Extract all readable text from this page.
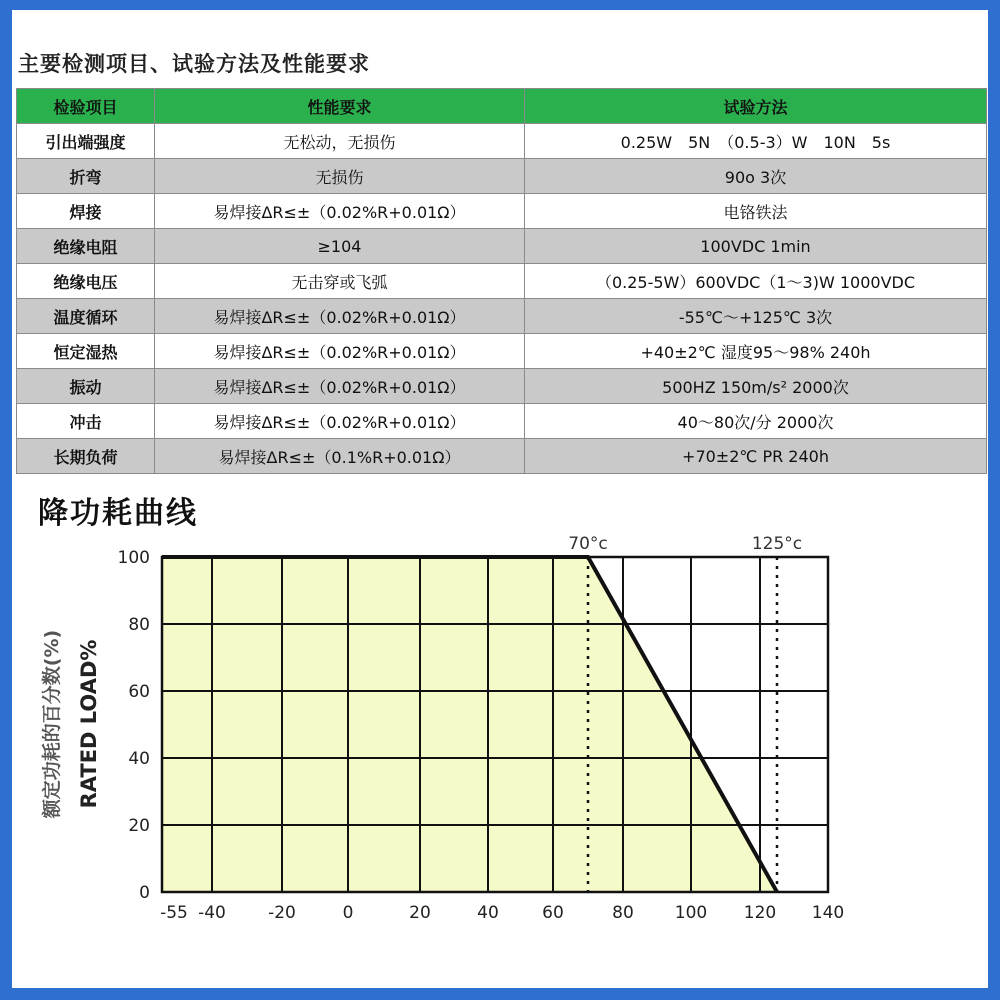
主要检测项目、试验方法及性能要求
检验项目	性能要求	试验方法
引出端强度	无松动，无损伤	0.25W　5N　（0.5-3）W　10N　5s
折弯	无损伤	90o 3次
焊接	易焊接ΔR≤±（0.02%R+0.01Ω）	电铬铁法
绝缘电阻	≥104	100VDC 1min
绝缘电压	无击穿或飞弧	（0.25-5W）600VDC（1～3)W 1000VDC
温度循环	易焊接ΔR≤±（0.02%R+0.01Ω）	-55℃～+125℃ 3次
恒定湿热	易焊接ΔR≤±（0.02%R+0.01Ω）	+40±2℃ 湿度95～98% 240h
振动	易焊接ΔR≤±（0.02%R+0.01Ω）	500HZ 150m/s² 2000次
冲击	易焊接ΔR≤±（0.02%R+0.01Ω）	40～80次/分 2000次
长期负荷	易焊接ΔR≤±（0.1%R+0.01Ω）	+70±2℃ PR 240h
降功耗曲线
70°c	125°c
-55 -40 -20	0	20	40	60	80 100 120 140
0
20
40
60
80
100
额定功耗的百分数(%) RATED LOAD%
